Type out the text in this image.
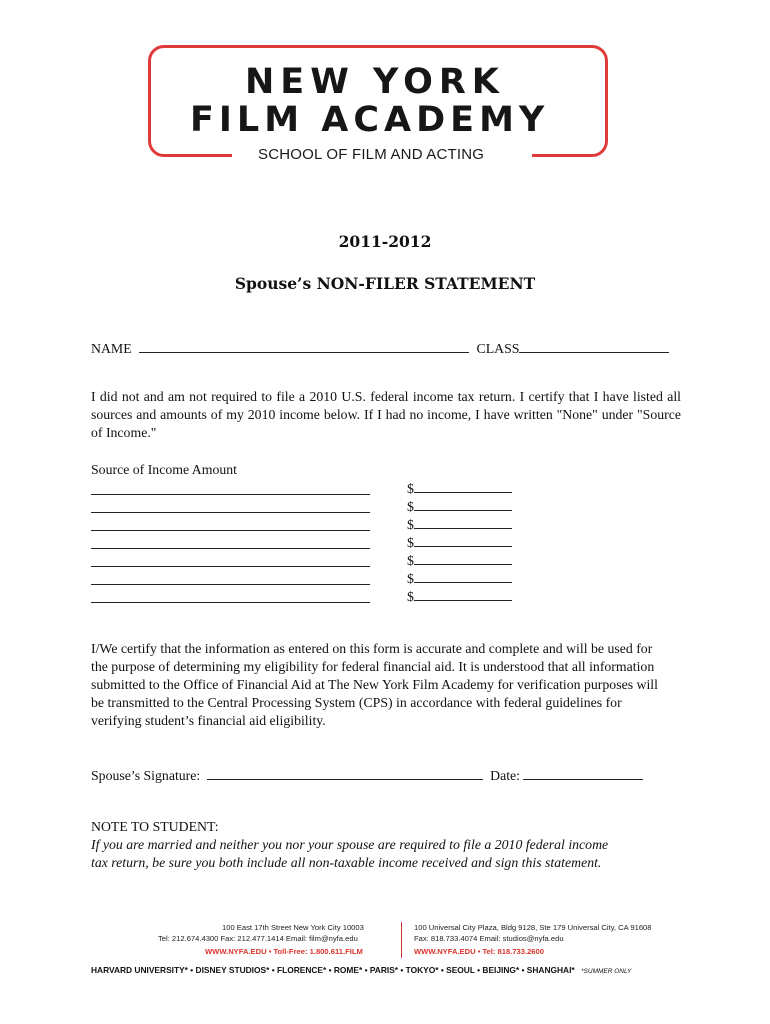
NEW YORK
FILM ACADEMY
SCHOOL OF FILM AND ACTING
2011-2012
Spouse’s NON-FILER STATEMENT
NAME	CLASS
I did not and am not required to file a 2010 U.S. federal income tax return. I certify that I have listed all sources and amounts of my 2010 income below. If I had no income, I have written "None" under "Source of Income."
Source of Income Amount
$
$
$
$
$
$
$
I/We certify that the information as entered on this form is accurate and complete and will be used for the purpose of determining my eligibility for federal financial aid. It is understood that all information submitted to the Office of Financial Aid at The New York Film Academy for verification purposes will be transmitted to the Central Processing System (CPS) in accordance with federal guidelines for verifying student’s financial aid eligibility.
Spouse’s Signature:	Date:
NOTE TO STUDENT:
If you are married and neither you nor your spouse are required to file a 2010 federal income
tax return, be sure you both include all non-taxable income received and sign this statement.
100 East 17th Street New York City 10003
Tel: 212.674.4300 Fax: 212.477.1414 Email: film@nyfa.edu
WWW.NYFA.EDU • Toll-Free: 1.800.611.FILM
100 Universal City Plaza, Bldg 9128, Ste 179 Universal City, CA 91608
Fax: 818.733.4074 Email: studios@nyfa.edu
WWW.NYFA.EDU • Tel: 818.733.2600
HARVARD UNIVERSITY* • DISNEY STUDIOS* • FLORENCE* • ROME* • PARIS* • TOKYO* • SEOUL • BEIJING* • SHANGHAI* *SUMMER ONLY
